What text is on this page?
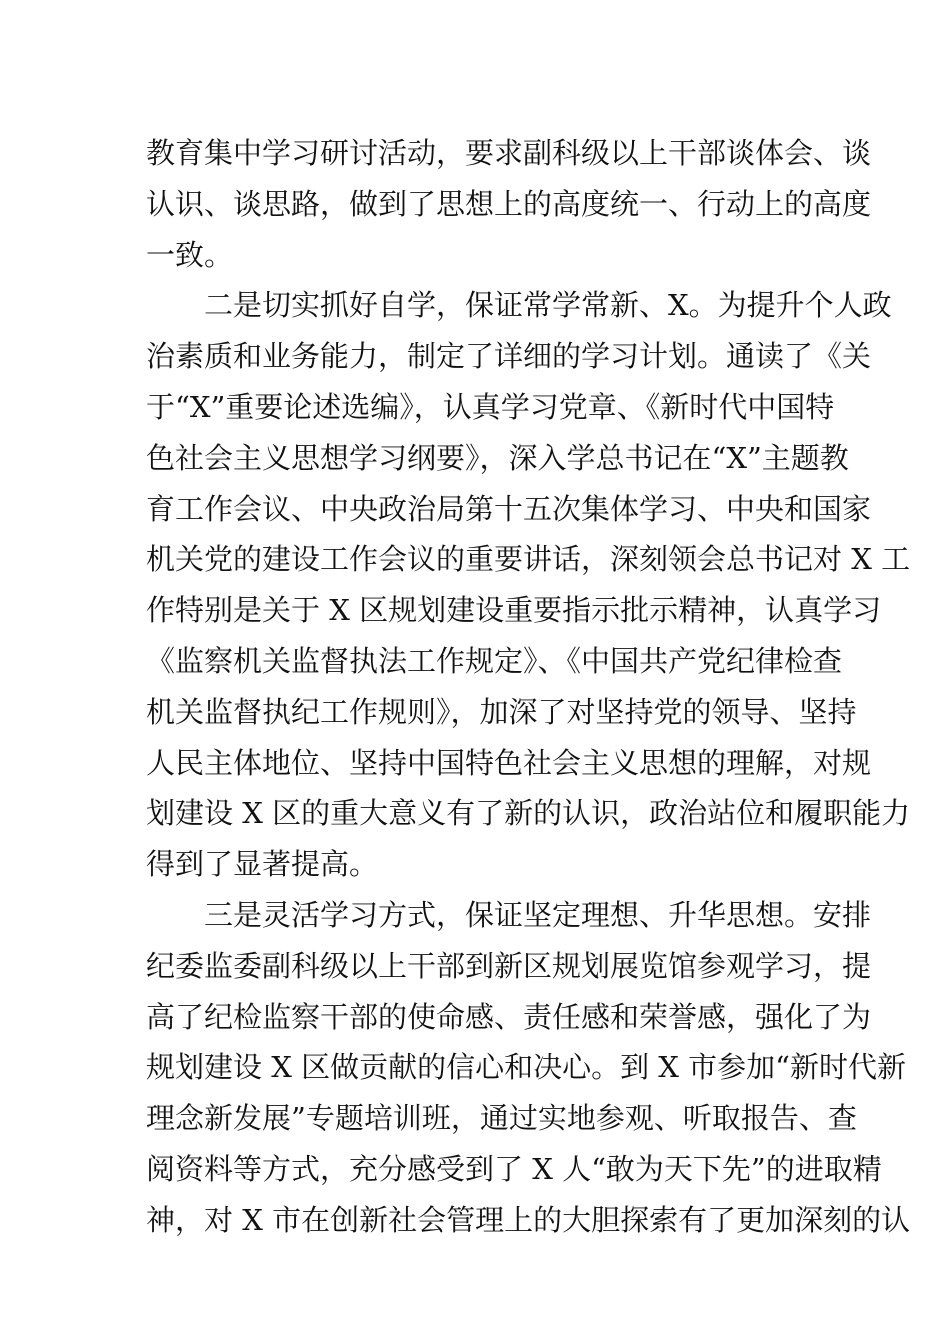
教育集中学习研讨活动，要求副科级以上干部谈体会、谈
认识、谈思路，做到了思想上的高度统一、行动上的高度
一致。
二是切实抓好自学，保证常学常新、X。为提升个人政
治素质和业务能力，制定了详细的学习计划。通读了《关
于“X”重要论述选编》，认真学习党章、《新时代中国特
色社会主义思想学习纲要》，深入学总书记在“X”主题教
育工作会议、中央政治局第十五次集体学习、中央和国家
机关党的建设工作会议的重要讲话，深刻领会总书记对 X 工
作特别是关于 X 区规划建设重要指示批示精神，认真学习
《监察机关监督执法工作规定》、《中国共产党纪律检查
机关监督执纪工作规则》，加深了对坚持党的领导、坚持
人民主体地位、坚持中国特色社会主义思想的理解，对规
划建设 X 区的重大意义有了新的认识，政治站位和履职能力
得到了显著提高。
三是灵活学习方式，保证坚定理想、升华思想。安排
纪委监委副科级以上干部到新区规划展览馆参观学习，提
高了纪检监察干部的使命感、责任感和荣誉感，强化了为
规划建设 X 区做贡献的信心和决心。到 X 市参加“新时代新
理念新发展”专题培训班，通过实地参观、听取报告、查
阅资料等方式，充分感受到了 X 人“敢为天下先”的进取精
神，对 X 市在创新社会管理上的大胆探索有了更加深刻的认
